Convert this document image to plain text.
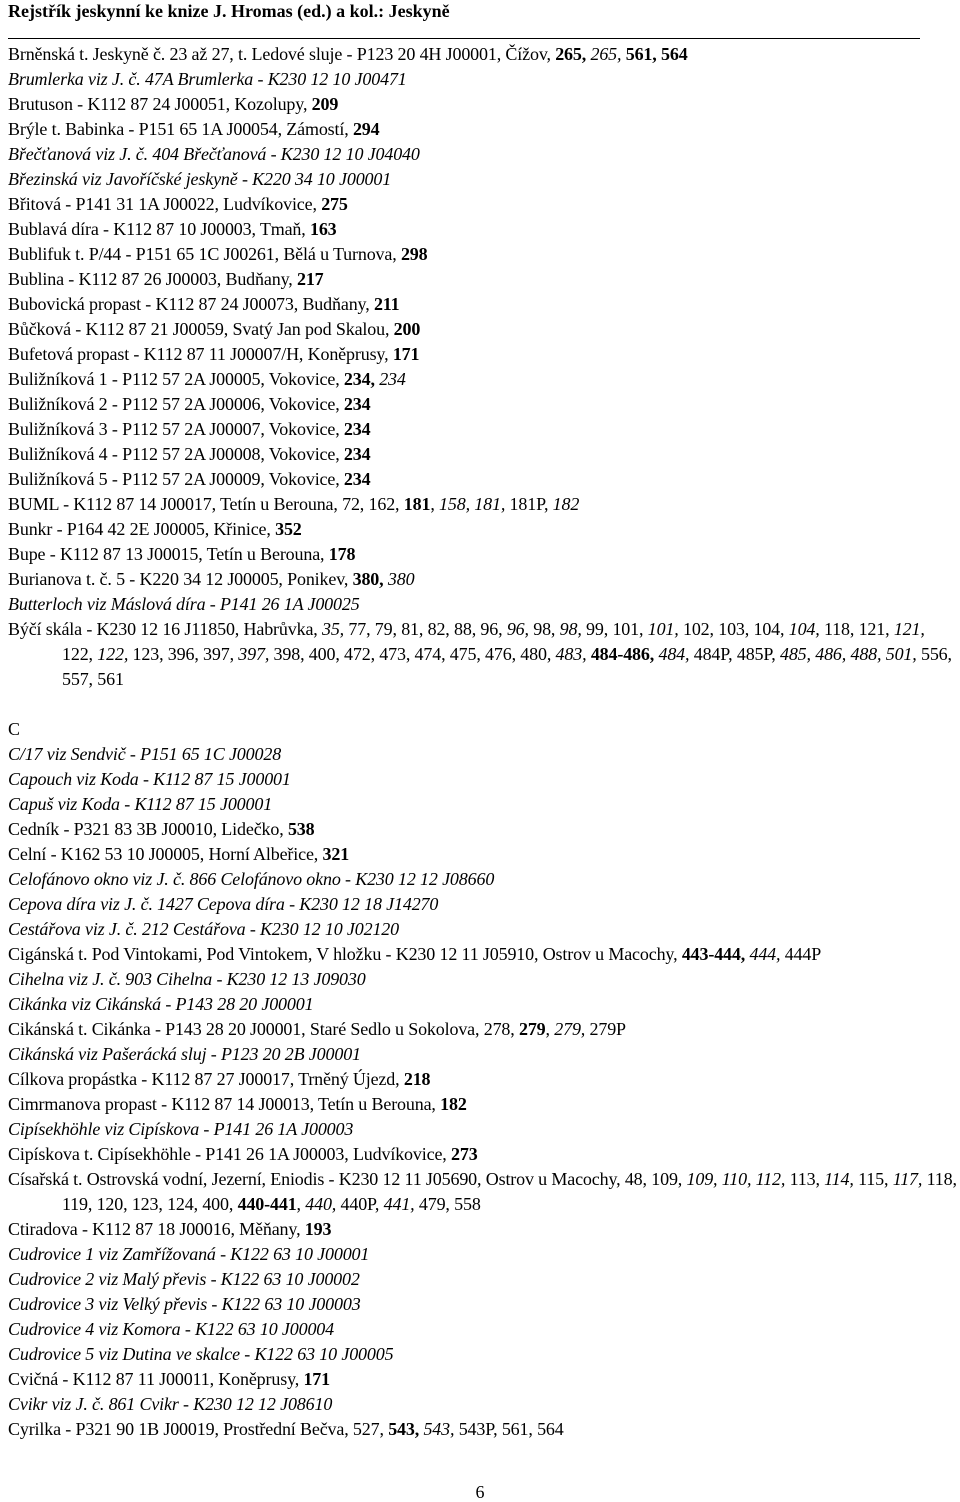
Rejstřík jeskynní ke knize J. Hromas (ed.) a kol.: Jeskyně
Brněnská t. Jeskyně č. 23 až 27, t. Ledové sluje - P123 20 4H J00001, Čížov, 265, 265, 561, 564
Brumlerka viz J. č. 47A Brumlerka - K230 12 10 J00471
Brutuson - K112 87 24 J00051, Kozolupy, 209
Brýle t. Babinka - P151 65 1A J00054, Zámostí, 294
Břečťanová viz J. č. 404 Břečťanová - K230 12 10 J04040
Březinská viz Javoříčské jeskyně - K220 34 10 J00001
Břitová - P141 31 1A J00022, Ludvíkovice, 275
Bublavá díra - K112 87 10 J00003, Tmaň, 163
Bublifuk t. P/44 - P151 65 1C J00261, Bělá u Turnova, 298
Bublina - K112 87 26 J00003, Budňany, 217
Bubovická propast - K112 87 24 J00073, Budňany, 211
Bůčková - K112 87 21 J00059, Svatý Jan pod Skalou, 200
Bufetová propast - K112 87 11 J00007/H, Koněprusy, 171
Buližníková 1 - P112 57 2A J00005, Vokovice, 234, 234
Buližníková 2 - P112 57 2A J00006, Vokovice, 234
Buližníková 3 - P112 57 2A J00007, Vokovice, 234
Buližníková 4 - P112 57 2A J00008, Vokovice, 234
Buližníková 5 - P112 57 2A J00009, Vokovice, 234
BUML - K112 87 14 J00017, Tetín u Berouna, 72, 162, 181, 158, 181, 181P, 182
Bunkr - P164 42 2E J00005, Křinice, 352
Bupe - K112 87 13 J00015, Tetín u Berouna, 178
Burianova t. č. 5 - K220 34 12 J00005, Ponikev, 380, 380
Butterloch viz Máslová díra - P141 26 1A J00025
Býčí skála - K230 12 16 J11850, Habrůvka, 35, 77, 79, 81, 82, 88, 96, 96, 98, 98, 99, 101, 101, 102, 103, 104, 104, 118, 121, 121, 122, 122, 123, 396, 397, 397, 398, 400, 472, 473, 474, 475, 476, 480, 483, 484-486, 484, 484P, 485P, 485, 486, 488, 501, 556, 557, 561
C
C/17 viz Sendvič - P151 65 1C J00028
Capouch viz Koda - K112 87 15 J00001
Capuš viz Koda - K112 87 15 J00001
Cedník - P321 83 3B J00010, Lidečko, 538
Celní - K162 53 10 J00005, Horní Albeřice, 321
Celofánovo okno viz J. č. 866 Celofánovo okno - K230 12 12 J08660
Cepova díra viz J. č. 1427 Cepova díra - K230 12 18 J14270
Cestářova viz J. č. 212 Cestářova - K230 12 10 J02120
Cigánská t. Pod Vintokami, Pod Vintokem, V hložku - K230 12 11 J05910, Ostrov u Macochy, 443-444, 444, 444P
Cihelna viz J. č. 903 Cihelna - K230 12 13 J09030
Cikánka viz Cikánská - P143 28 20 J00001
Cikánská t. Cikánka - P143 28 20 J00001, Staré Sedlo u Sokolova, 278, 279, 279, 279P
Cikánská viz Pašerácká sluj - P123 20 2B J00001
Cílkova propástka - K112 87 27 J00017, Trněný Újezd, 218
Cimrmanova propast - K112 87 14 J00013, Tetín u Berouna, 182
Cipísekhöhle viz Cipískova - P141 26 1A J00003
Cipískova t. Cipísekhöhle - P141 26 1A J00003, Ludvíkovice, 273
Císařská t. Ostrovská vodní, Jezerní, Eniodis - K230 12 11 J05690, Ostrov u Macochy, 48, 109, 109, 110, 112, 113, 114, 115, 117, 118, 119, 120, 123, 124, 400, 440-441, 440, 440P, 441, 479, 558
Ctiradova - K112 87 18 J00016, Měňany, 193
Cudrovice 1 viz Zamřížovaná - K122 63 10 J00001
Cudrovice 2 viz Malý převis - K122 63 10 J00002
Cudrovice 3 viz Velký převis - K122 63 10 J00003
Cudrovice 4 viz Komora - K122 63 10 J00004
Cudrovice 5 viz Dutina ve skalce - K122 63 10 J00005
Cvičná - K112 87 11 J00011, Koněprusy, 171
Cvikr viz J. č. 861 Cvikr - K230 12 12 J08610
Cyrilka - P321 90 1B J00019, Prostřední Bečva, 527, 543, 543, 543P, 561, 564
6
